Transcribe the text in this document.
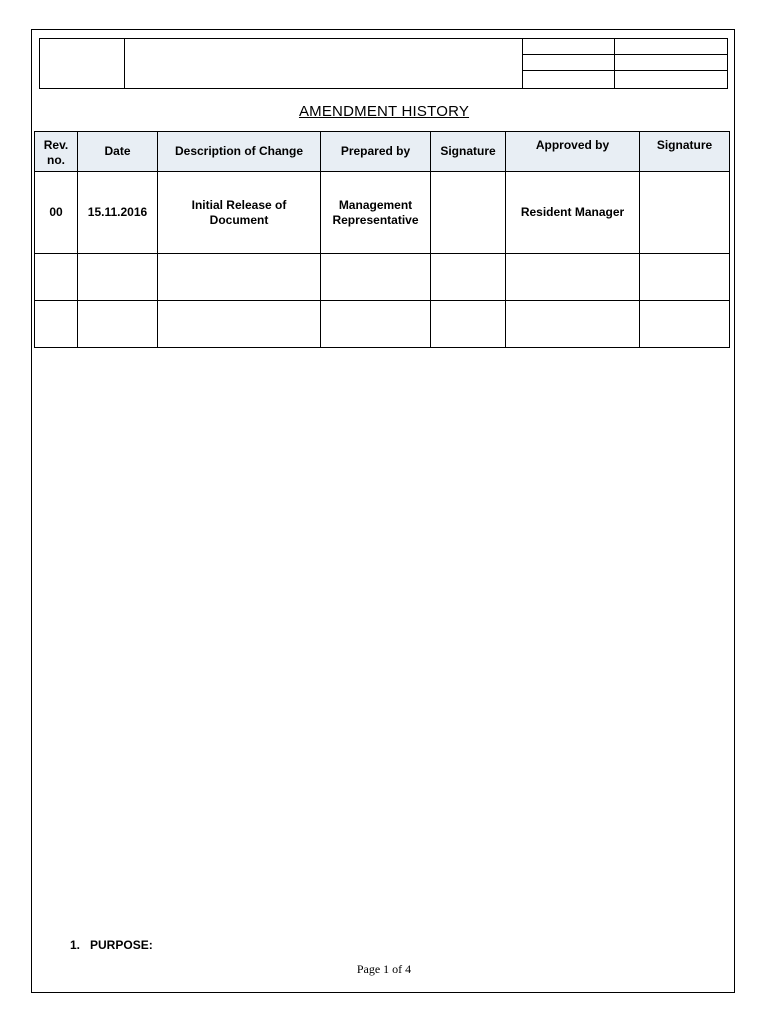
AMENDMENT HISTORY
Rev. no.	Date	Description of Change	Prepared by	Signature	Approved by	Signature
00	15.11.2016	Initial Release of Document	Management Representative		Resident Manager	

1. PURPOSE:
Page 1 of 4
